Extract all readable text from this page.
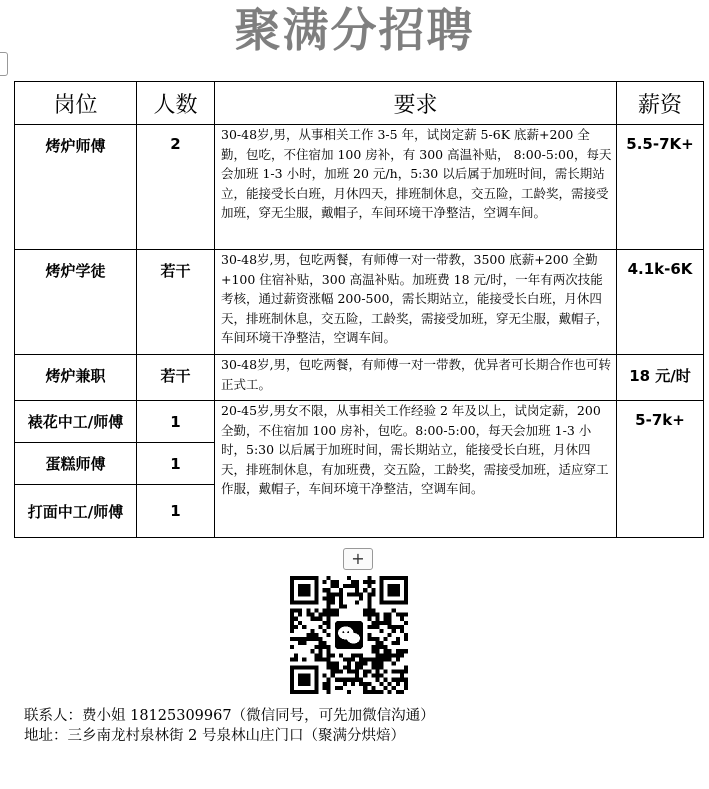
聚满分招聘
岗位	人数	要求	薪资
烤炉师傅	2	30-48岁,男，从事相关工作 3-5 年，试岗定薪 5-6K 底薪+200 全勤，包吃，不住宿加 100 房补，有 300 高温补贴， 8:00-5:00，每天会加班 1-3 小时，加班 20 元/h，5:30 以后属于加班时间，需长期站立，能接受长白班，月休四天，排班制休息，交五险，工龄奖，需接受加班，穿无尘服，戴帽子，车间环境干净整洁，空调车间。	5.5-7K+
烤炉学徒	若干	30-48岁,男，包吃两餐，有师傅一对一带教，3500 底薪+200 全勤+100 住宿补贴，300 高温补贴。加班费 18 元/时，一年有两次技能考核，通过薪资涨幅 200-500，需长期站立，能接受长白班，月休四天，排班制休息，交五险，工龄奖，需接受加班，穿无尘服，戴帽子，车间环境干净整洁，空调车间。	4.1k-6K
烤炉兼职	若干	30-48岁,男，包吃两餐，有师傅一对一带教，优异者可长期合作也可转正式工。	18 元/时
裱花中工/师傅	1	20-45岁,男女不限，从事相关工作经验 2 年及以上，试岗定薪，200 全勤，不住宿加 100 房补，包吃。8:00-5:00，每天会加班 1-3 小时，5:30 以后属于加班时间，需长期站立，能接受长白班，月休四天，排班制休息，有加班费，交五险，工龄奖，需接受加班，适应穿工作服，戴帽子，车间环境干净整洁，空调车间。	5-7k+
蛋糕师傅	1		
打面中工/师傅	1		
+
联系人：费小姐 18125309967（微信同号，可先加微信沟通）
地址：三乡南龙村泉林街 2 号泉林山庄门口（聚满分烘焙）
